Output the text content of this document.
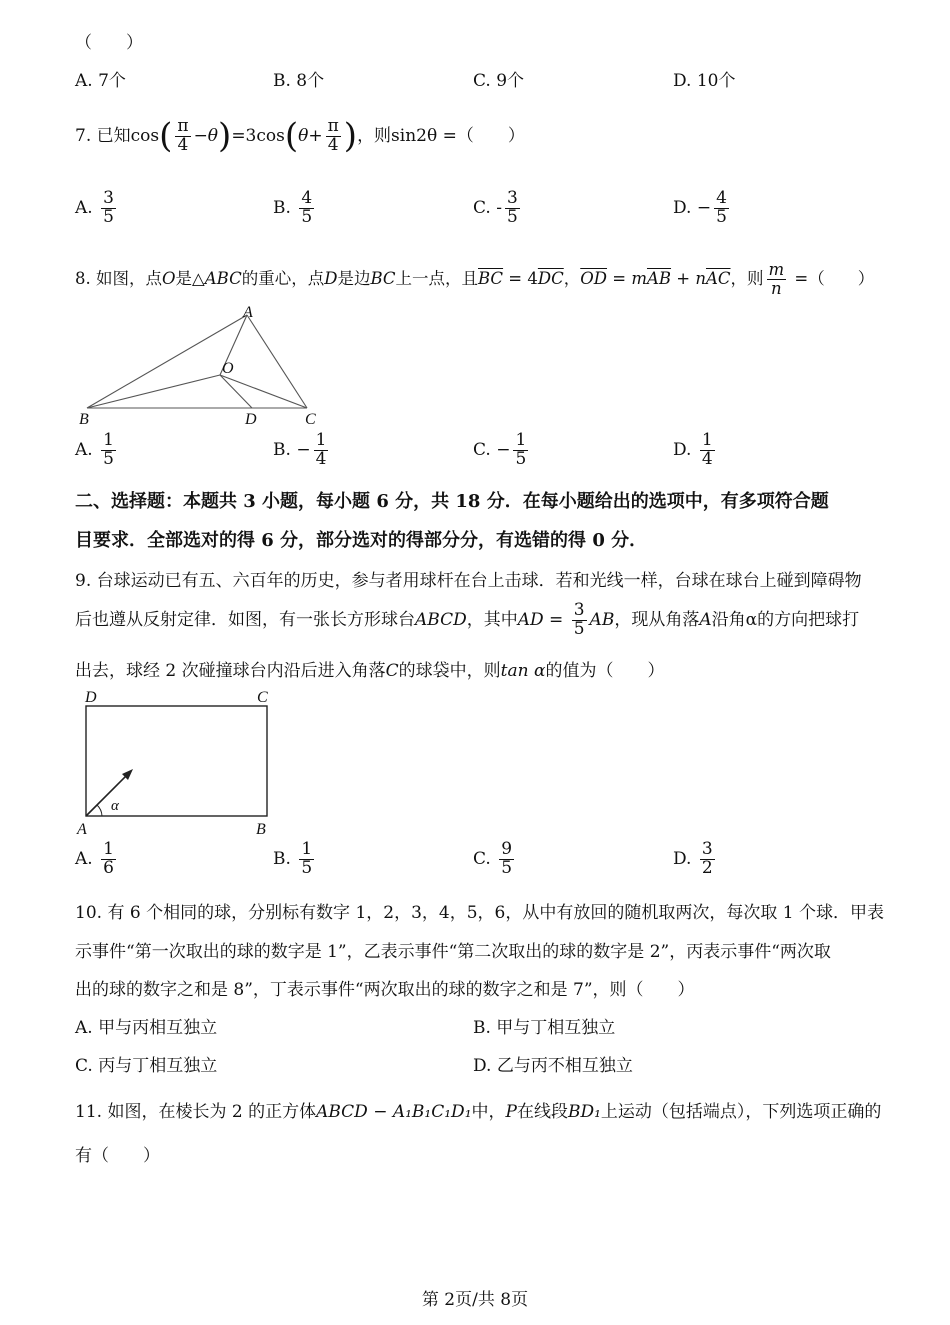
（　　）
A. 7个	B. 8个	C. 9个	D. 10个
7. 已知 cos ( $\frac{\pi}{4} -\theta$ ) =3cos ( $\theta+ \frac{\pi}{4}$ ) ，则sin2θ =（　　）
A.
$\frac{3}{5}$	B.
$\frac{4}{5}$	C.
- $\frac{3}{5}$	D.
− $\frac{4}{5}$
8. 如图，点 O 是 △ABC 的重心，点 D 是边 BC 上一点，且 $\overline{BC} = 4$ $\overline{DC}$ ， $\overline{OD} = m$ $\overline{AB} + n$ $\overline{AC}$ ，则 $\frac{m}{n}$ =（　　）
A
B	C
D
O
A.
$\frac{1}{5}$	B.
− $\frac{1}{4}$	C.
− $\frac{1}{5}$	D.
$\frac{1}{4}$
二、选择题：本题共 3 小题，每小题 6 分，共 18 分．在每小题给出的选项中，有多项符合题
目要求．全部选对的得 6 分，部分选对的得部分分，有选错的得 0 分．
9. 台球运动已有五、六百年的历史，参与者用球杆在台上击球．若和光线一样，台球在球台上碰到障碍物
后也遵从反射定律．如图，有一张长方形球台 ABCD ，其中 AD = $\frac{3}{5}$ AB ，现从角落 A 沿角α的方向把球打
出去，球经 2 次碰撞球台内沿后进入角落C的球袋中，则tan α的值为（　　）
α
D	C
A	B
A.
$\frac{1}{6}$	B.
$\frac{1}{5}$	C.
$\frac{9}{5}$	D.
$\frac{3}{2}$
10. 有 6 个相同的球，分别标有数字 1，2，3，4，5，6，从中有放回的随机取两次，每次取 1 个球．甲表
示事件“第一次取出的球的数字是 1”，乙表示事件“第二次取出的球的数字是 2”，丙表示事件“两次取
出的球的数字之和是 8”，丁表示事件“两次取出的球的数字之和是 7”，则（　　）
A. 甲与丙相互独立	B. 甲与丁相互独立
C. 丙与丁相互独立	D. 乙与丙不相互独立
11. 如图，在棱长为 2 的正方体ABCD − A₁B₁C₁D₁中，P在线段BD₁上运动（包括端点），下列选项正确的
有（　　）
第 2页/共 8页
